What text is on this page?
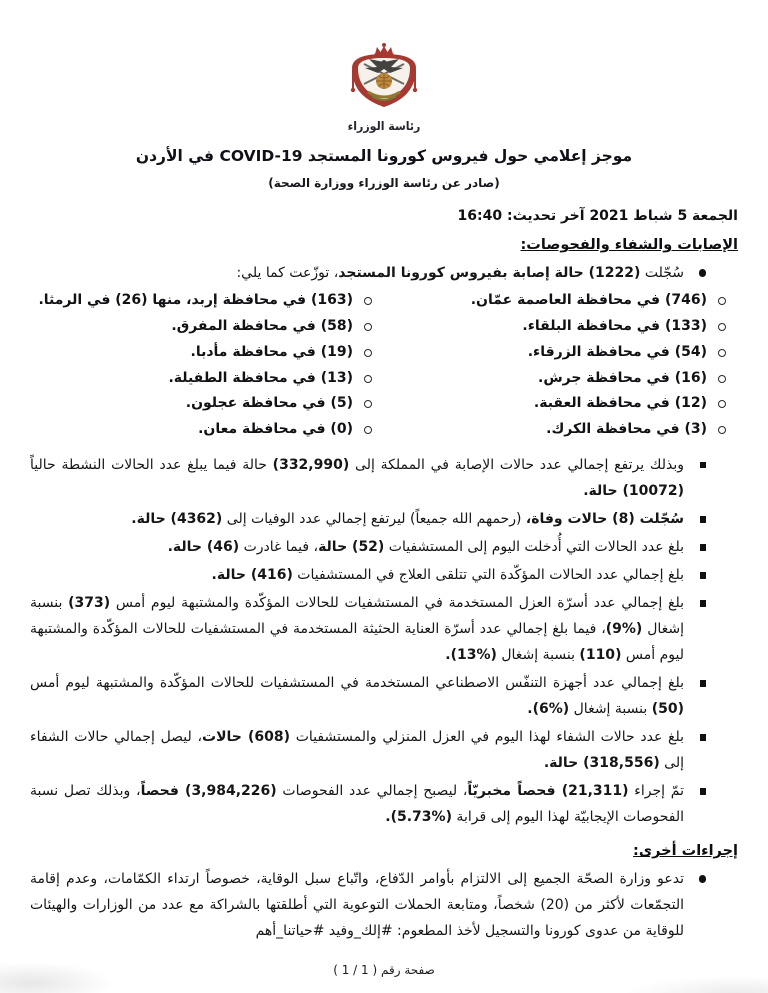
رئاسة الوزراء
موجز إعلامي حول فيروس كورونا المستجد COVID-19 في الأردن
(صادر عن رئاسة الوزراء ووزارة الصحة)
الجمعة 5 شباط 2021 آخر تحديث: 16:40
الإصابات والشفاء والفحوصات:
سُجّلت (1222) حالة إصابة بفيروس كورونا المستجد، توزّعت كما يلي:
(746) في محافظة العاصمة عمّان.
(133) في محافظة البلقاء.
(54) في محافظة الزرقاء.
(16) في محافظة جرش.
(12) في محافظة العقبة.
(3) في محافظة الكرك.
(163) في محافظة إربد، منها (26) في الرمثا.
(58) في محافظة المفرق.
(19) في محافظة مأدبا.
(13) في محافظة الطفيلة.
(5) في محافظة عجلون.
(0) في محافظة معان.
وبذلك يرتفع إجمالي عدد حالات الإصابة في المملكة إلى (332,990) حالة فيما يبلغ عدد الحالات النشطة حالياً (10072) حالة.
سُجّلت (8) حالات وفاة، (رحمهم الله جميعاً) ليرتفع إجمالي عدد الوفيات إلى (4362) حالة.
بلغ عدد الحالات التي أُدخلت اليوم إلى المستشفيات (52) حالة، فيما غادرت (46) حالة.
بلغ إجمالي عدد الحالات المؤكّدة التي تتلقى العلاج في المستشفيات (416) حالة.
بلغ إجمالي عدد أسرّة العزل المستخدمة في المستشفيات للحالات المؤكّدة والمشتبهة ليوم أمس (373) بنسبة إشغال (%9)، فيما بلغ إجمالي عدد أسرّة العناية الحثيثة المستخدمة في المستشفيات للحالات المؤكّدة والمشتبهة ليوم أمس (110) بنسبة إشغال (%13).
بلغ إجمالي عدد أجهزة التنفّس الاصطناعي المستخدمة في المستشفيات للحالات المؤكّدة والمشتبهة ليوم أمس (50) بنسبة إشغال (%6).
بلغ عدد حالات الشفاء لهذا اليوم في العزل المنزلي والمستشفيات (608) حالات، ليصل إجمالي حالات الشفاء إلى (318,556) حالة.
تمّ إجراء (21,311) فحصاً مخبريّاً، ليصبح إجمالي عدد الفحوصات (3,984,226) فحصاً، وبذلك تصل نسبة الفحوصات الإيجابيّة لهذا اليوم إلى قرابة (%5.73).
إجراءات أخرى:
تدعو وزارة الصحّة الجميع إلى الالتزام بأوامر الدّفاع، واتّباع سبل الوقاية، خصوصاً ارتداء الكمّامات، وعدم إقامة التجمّعات لأكثر من (20) شخصاً، ومتابعة الحملات التوعوية التي أطلقتها بالشراكة مع عدد من الوزارات والهيئات للوقاية من عدوى كورونا والتسجيل لأخذ المطعوم: #إلك_وفيد #حياتنا_أهم
صفحة رقم ( 1 / 1 )
